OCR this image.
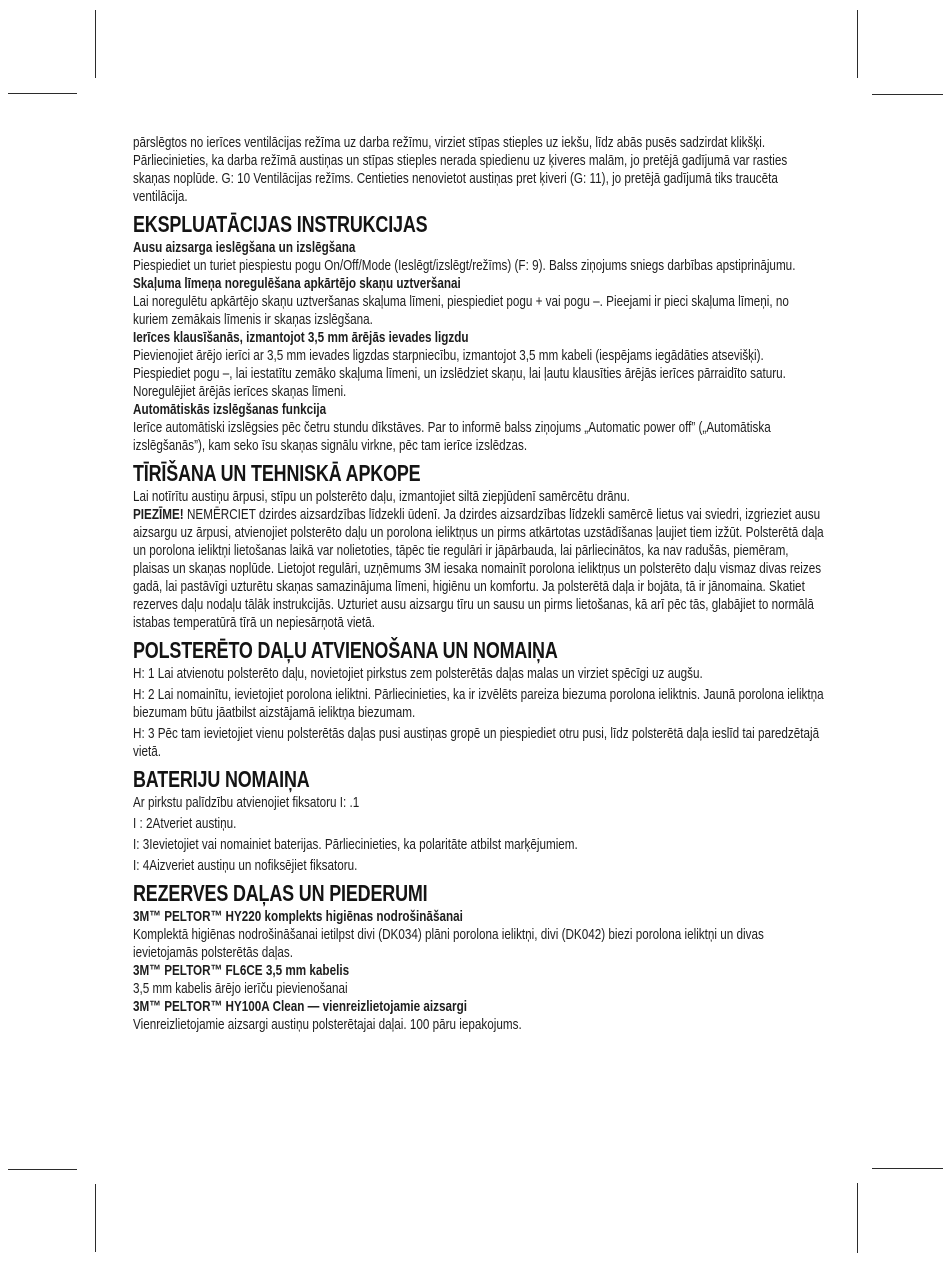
pārslēgtos no ierīces ventilācijas režīma uz darba režīmu, virziet stīpas stieples uz iekšu, līdz abās pusēs sadzirdat klikšķi. Pārliecinieties, ka darba režīmā austiņas un stīpas stieples nerada spiedienu uz ķiveres malām, jo pretējā gadījumā var rasties skaņas noplūde. G: 10 Ventilācijas režīms. Centieties nenovietot austiņas pret ķiveri (G: 11), jo pretējā gadījumā tiks traucēta ventilācija.

EKSPLUATĀCIJAS INSTRUKCIJAS

Ausu aizsarga ieslēgšana un izslēgšana

Piespiediet un turiet piespiestu pogu On/Off/Mode (Ieslēgt/izslēgt/režīms) (F: 9). Balss ziņojums sniegs darbības apstiprinājumu.

Skaļuma līmeņa noregulēšana apkārtējo skaņu uztveršanai

Lai noregulētu apkārtējo skaņu uztveršanas skaļuma līmeni, piespiediet pogu + vai pogu –. Pieejami ir pieci skaļuma līmeņi, no kuriem zemākais līmenis ir skaņas izslēgšana.

Ierīces klausīšanās, izmantojot 3,5 mm ārējās ievades ligzdu

Pievienojiet ārējo ierīci ar 3,5 mm ievades ligzdas starpniecību, izmantojot 3,5 mm kabeli (iespējams iegādāties atsevišķi). Piespiediet pogu –, lai iestatītu zemāko skaļuma līmeni, un izslēdziet skaņu, lai ļautu klausīties ārējās ierīces pārraidīto saturu. Noregulējiet ārējās ierīces skaņas līmeni.

Automātiskās izslēgšanas funkcija

Ierīce automātiski izslēgsies pēc četru stundu dīkstāves. Par to informē balss ziņojums „Automatic power off” („Automātiska izslēgšanās”), kam seko īsu skaņas signālu virkne, pēc tam ierīce izslēdzas.

TĪRĪŠANA UN TEHNISKĀ APKOPE

Lai notīrītu austiņu ārpusi, stīpu un polsterēto daļu, izmantojiet siltā ziepjūdenī samērcētu drānu.

PIEZĪME! NEMĒRCIET dzirdes aizsardzības līdzekli ūdenī. Ja dzirdes aizsardzības līdzekli samērcē lietus vai sviedri, izgrieziet ausu aizsargu uz ārpusi, atvienojiet polsterēto daļu un porolona ieliktņus un pirms atkārtotas uzstādīšanas ļaujiet tiem izžūt. Polsterētā daļa un porolona ieliktņi lietošanas laikā var nolietoties, tāpēc tie regulāri ir jāpārbauda, lai pārliecinātos, ka nav radušās, piemēram, plaisas un skaņas noplūde. Lietojot regulāri, uzņēmums 3M iesaka nomainīt porolona ieliktņus un polsterēto daļu vismaz divas reizes gadā, lai pastāvīgi uzturētu skaņas samazinājuma līmeni, higiēnu un komfortu. Ja polsterētā daļa ir bojāta, tā ir jānomaina. Skatiet rezerves daļu nodaļu tālāk instrukcijās. Uzturiet ausu aizsargu tīru un sausu un pirms lietošanas, kā arī pēc tās, glabājiet to normālā istabas temperatūrā tīrā un nepiesārņotā vietā.

POLSTERĒTO DAĻU ATVIENOŠANA UN NOMAIŅA

H: 1 Lai atvienotu polsterēto daļu, novietojiet pirkstus zem polsterētās daļas malas un virziet spēcīgi uz augšu.

H: 2 Lai nomainītu, ievietojiet porolona ieliktni. Pārliecinieties, ka ir izvēlēts pareiza biezuma porolona ieliktnis. Jaunā porolona ieliktņa biezumam būtu jāatbilst aizstājamā ieliktņa biezumam.

H: 3 Pēc tam ievietojiet vienu polsterētās daļas pusi austiņas gropē un piespiediet otru pusi, līdz polsterētā daļa ieslīd tai paredzētajā vietā.

BATERIJU NOMAIŅA

Ar pirkstu palīdzību atvienojiet fiksatoru I: .1

I : 2Atveriet austiņu.

I: 3Ievietojiet vai nomainiet baterijas. Pārliecinieties, ka polaritāte atbilst marķējumiem.

I: 4Aizveriet austiņu un nofiksējiet fiksatoru.

REZERVES DAĻAS UN PIEDERUMI

3M™ PELTOR™ HY220 komplekts higiēnas nodrošināšanai

Komplektā higiēnas nodrošināšanai ietilpst divi (DK034) plāni porolona ieliktņi, divi (DK042) biezi porolona ieliktņi un divas ievietojamās polsterētās daļas.

3M™ PELTOR™ FL6CE 3,5 mm kabelis

3,5 mm kabelis ārējo ierīču pievienošanai

3M™ PELTOR™ HY100A Clean — vienreizlietojamie aizsargi

Vienreizlietojamie aizsargi austiņu polsterētajai daļai. 100 pāru iepakojums.
